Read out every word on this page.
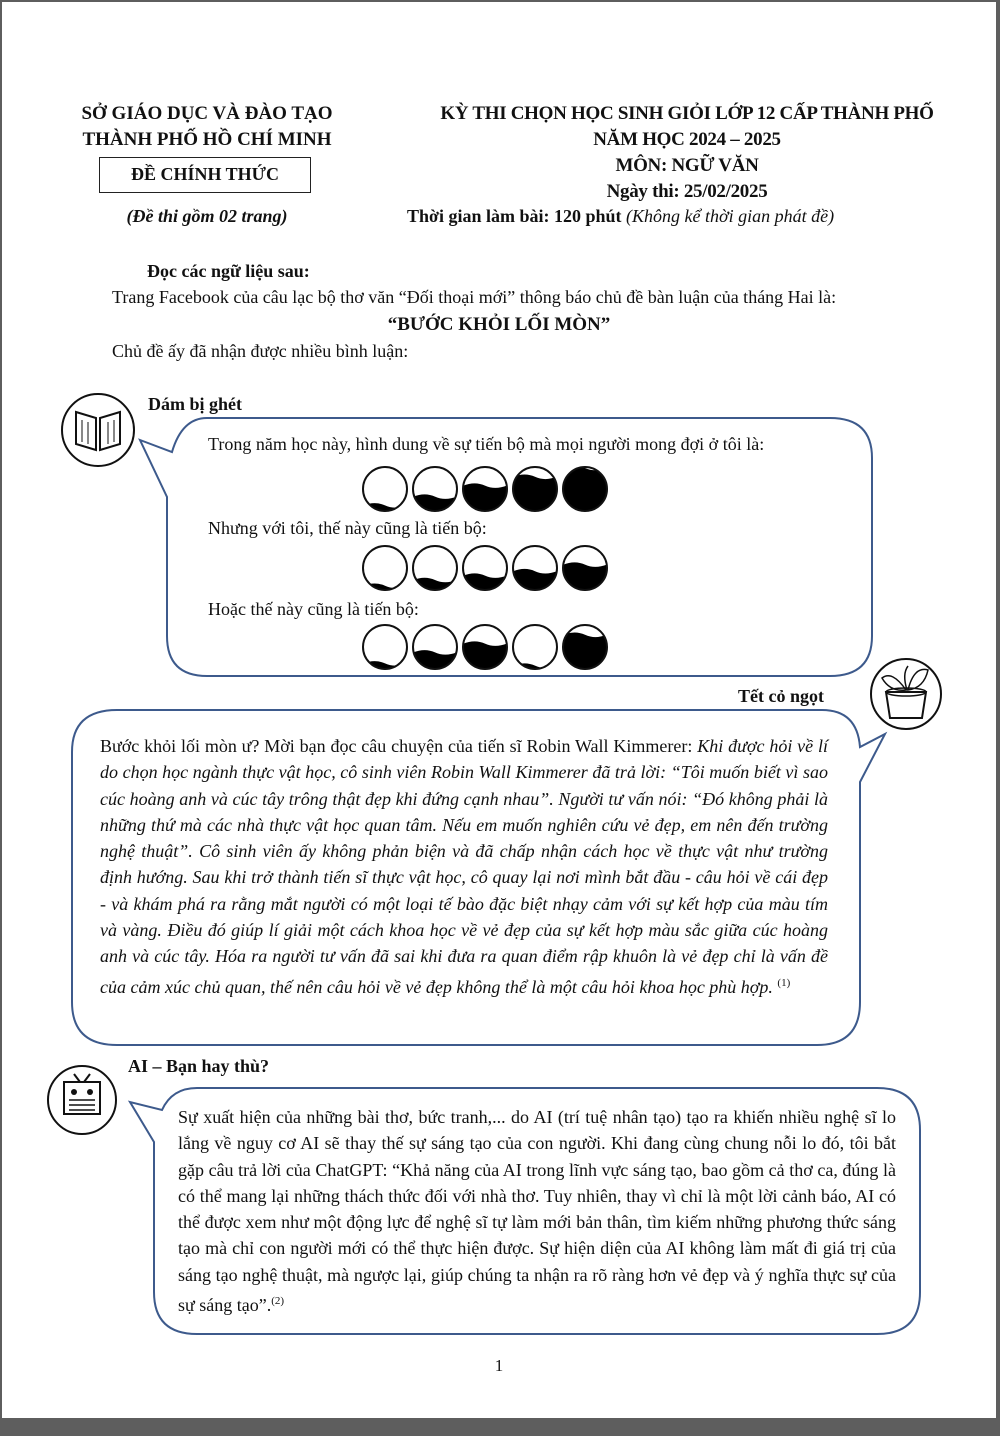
SỞ GIÁO DỤC VÀ ĐÀO TẠO
THÀNH PHỐ HỒ CHÍ MINH
ĐỀ CHÍNH THỨC
(Đề thi gồm 02 trang)
KỲ THI CHỌN HỌC SINH GIỎI LỚP 12 CẤP THÀNH PHỐ
NĂM HỌC 2024 – 2025
MÔN: NGỮ VĂN
Ngày thi: 25/02/2025
Thời gian làm bài: 120 phút (Không kể thời gian phát đề)
Đọc các ngữ liệu sau:
Trang Facebook của câu lạc bộ thơ văn “Đối thoại mới” thông báo chủ đề bàn luận của tháng Hai là:
“BƯỚC KHỎI LỐI MÒN”
Chủ đề ấy đã nhận được nhiều bình luận:
Dám bị ghét
Trong năm học này, hình dung về sự tiến bộ mà mọi người mong đợi ở tôi là:
Nhưng với tôi, thế này cũng là tiến bộ:
Hoặc thế này cũng là tiến bộ:
Tết cỏ ngọt
Bước khỏi lối mòn ư? Mời bạn đọc câu chuyện của tiến sĩ Robin Wall Kimmerer: Khi được hỏi về lí do chọn học ngành thực vật học, cô sinh viên Robin Wall Kimmerer đã trả lời: “Tôi muốn biết vì sao cúc hoàng anh và cúc tây trông thật đẹp khi đứng cạnh nhau”. Người tư vấn nói: “Đó không phải là những thứ mà các nhà thực vật học quan tâm. Nếu em muốn nghiên cứu vẻ đẹp, em nên đến trường nghệ thuật”. Cô sinh viên ấy không phản biện và đã chấp nhận cách học về thực vật như trường định hướng. Sau khi trở thành tiến sĩ thực vật học, cô quay lại nơi mình bắt đầu - câu hỏi về cái đẹp - và khám phá ra rằng mắt người có một loại tế bào đặc biệt nhạy cảm với sự kết hợp của màu tím và vàng. Điều đó giúp lí giải một cách khoa học về vẻ đẹp của sự kết hợp màu sắc giữa cúc hoàng anh và cúc tây. Hóa ra người tư vấn đã sai khi đưa ra quan điểm rập khuôn là vẻ đẹp chỉ là vấn đề của cảm xúc chủ quan, thế nên câu hỏi về vẻ đẹp không thể là một câu hỏi khoa học phù hợp. $^{(1)}$
AI – Bạn hay thù?
Sự xuất hiện của những bài thơ, bức tranh,... do AI (trí tuệ nhân tạo) tạo ra khiến nhiều nghệ sĩ lo lắng về nguy cơ AI sẽ thay thế sự sáng tạo của con người. Khi đang cùng chung nỗi lo đó, tôi bắt gặp câu trả lời của ChatGPT: “Khả năng của AI trong lĩnh vực sáng tạo, bao gồm cả thơ ca, đúng là có thể mang lại những thách thức đối với nhà thơ. Tuy nhiên, thay vì chỉ là một lời cảnh báo, AI có thể được xem như một động lực để nghệ sĩ tự làm mới bản thân, tìm kiếm những phương thức sáng tạo mà chỉ con người mới có thể thực hiện được. Sự hiện diện của AI không làm mất đi giá trị của sáng tạo nghệ thuật, mà ngược lại, giúp chúng ta nhận ra rõ ràng hơn vẻ đẹp và ý nghĩa thực sự của sự sáng tạo”.$^{(2)}$
1
